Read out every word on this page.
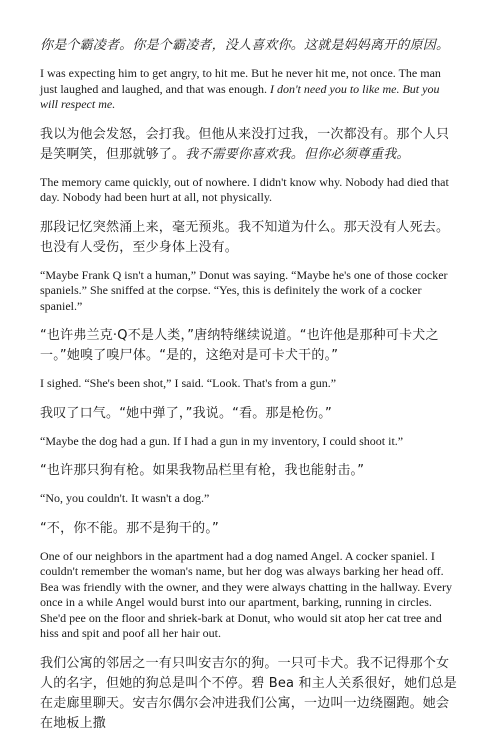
你是个霸凌者。你是个霸凌者，没人喜欢你。这就是妈妈离开的原因。

I was expecting him to get angry, to hit me. But he never hit me, not once. The man just laughed and laughed, and that was enough. I don't need you to like me. But you will respect me.

我以为他会发怒，会打我。但他从来没打过我，一次都没有。那个人只是笑啊笑，但那就够了。我不需要你喜欢我。但你必须尊重我。

The memory came quickly, out of nowhere. I didn't know why. Nobody had died that day. Nobody had been hurt at all, not physically.

那段记忆突然涌上来，毫无预兆。我不知道为什么。那天没有人死去。也没有人受伤，至少身体上没有。

“Maybe Frank Q isn't a human,” Donut was saying. “Maybe he's one of those cocker spaniels.” She sniffed at the corpse. “Yes, this is definitely the work of a cocker spaniel.”

“也许弗兰克·Q不是人类，”唐纳特继续说道。“也许他是那种可卡犬之一。”她嗅了嗅尸体。“是的，这绝对是可卡犬干的。”

I sighed. “She's been shot,” I said. “Look. That's from a gun.”

我叹了口气。“她中弹了，”我说。“看。那是枪伤。”

“Maybe the dog had a gun. If I had a gun in my inventory, I could shoot it.”

“也许那只狗有枪。如果我物品栏里有枪，我也能射击。”

“No, you couldn't. It wasn't a dog.”

“不，你不能。那不是狗干的。”

One of our neighbors in the apartment had a dog named Angel. A cocker spaniel. I couldn't remember the woman's name, but her dog was always barking her head off. Bea was friendly with the owner, and they were always chatting in the hallway. Every once in a while Angel would burst into our apartment, barking, running in circles. She'd pee on the floor and shriek-bark at Donut, who would sit atop her cat tree and hiss and spit and poof all her hair out.

我们公寓的邻居之一有只叫安吉尔的狗。一只可卡犬。我不记得那个女人的名字，但她的狗总是叫个不停。碧 Bea 和主人关系很好，她们总是在走廊里聊天。安吉尔偶尔会冲进我们公寓，一边叫一边绕圈跑。她会在地板上撒
